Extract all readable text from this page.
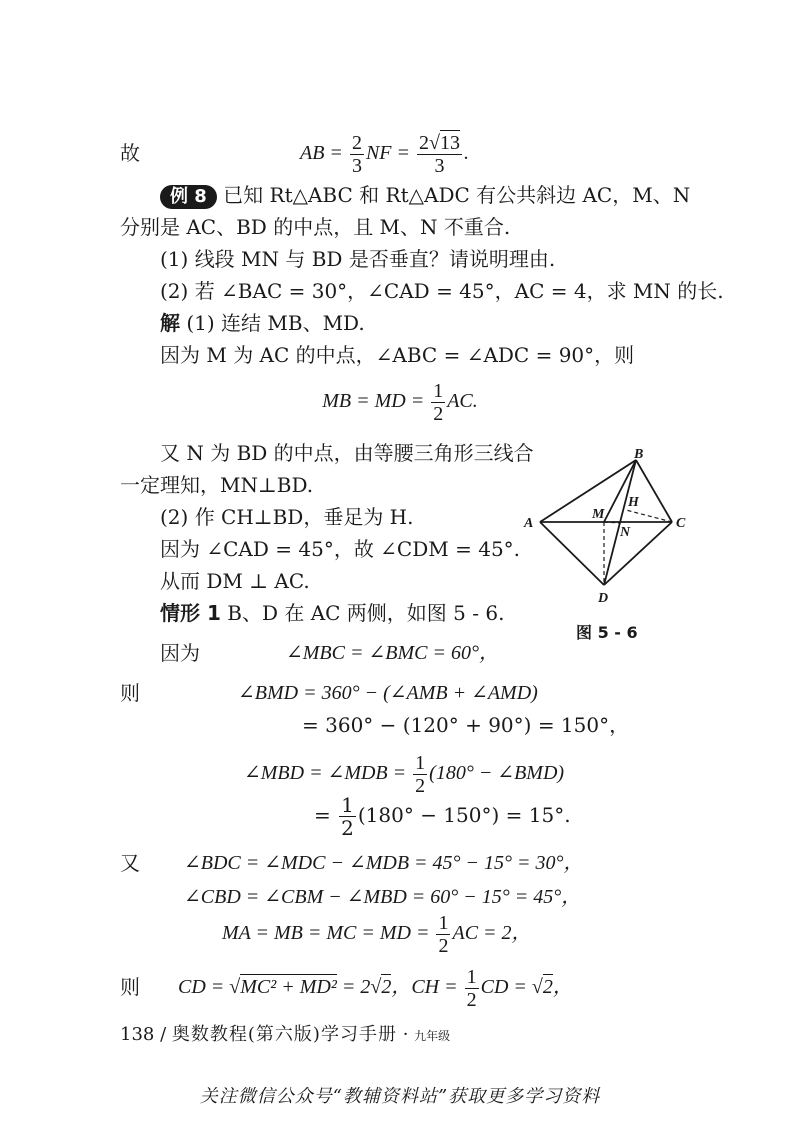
故	AB = $\frac{2}{3}$ NF = $\frac{2√13}{3}$ .
例 8 已知 Rt△ABC 和 Rt△ADC 有公共斜边 AC，M、N
分别是 AC、BD 的中点，且 M、N 不重合.
(1) 线段 MN 与 BD 是否垂直？请说明理由.
(2) 若 ∠BAC = 30°，∠CAD = 45°，AC = 4，求 MN 的长.
解 (1) 连结 MB、MD.
因为 M 为 AC 的中点，∠ABC = ∠ADC = 90°，则
MB = MD = $\frac{1}{2}$ AC.
又 N 为 BD 的中点，由等腰三角形三线合
一定理知，MN⊥BD.
(2) 作 CH⊥BD，垂足为 H.
因为 ∠CAD = 45°，故 ∠CDM = 45°.
从而 DM ⊥ AC.
情形 1 B、D 在 AC 两侧，如图 5 - 6.
因为	∠MBC = ∠BMC = 60°，
则	∠BMD = 360° − (∠AMB + ∠AMD)
= 360° − (120° + 90°) = 150°，
∠MBD = ∠MDB = $\frac{1}{2} (180^\circ$ − ∠BMD)
= $\frac{1}{2} (180^\circ - 150^\circ) = 15^\circ$.
又 ∠BDC = ∠MDC − ∠MDB = 45° − 15° = 30°，
∠CBD = ∠CBM − ∠MBD = 60° − 15° = 45°，
MA = MB = MC = MD = $\frac{1}{2}$ AC = 2，
则 CD = √MC² + MD² = 2√2，CH = $\frac{1}{2}$ CD = √2，
A
B
C
D
M
N
H
图 5 - 6
138 / 奥数教程(第六版)学习手册 · 九年级
关注微信公众号“教辅资料站”获取更多学习资料
